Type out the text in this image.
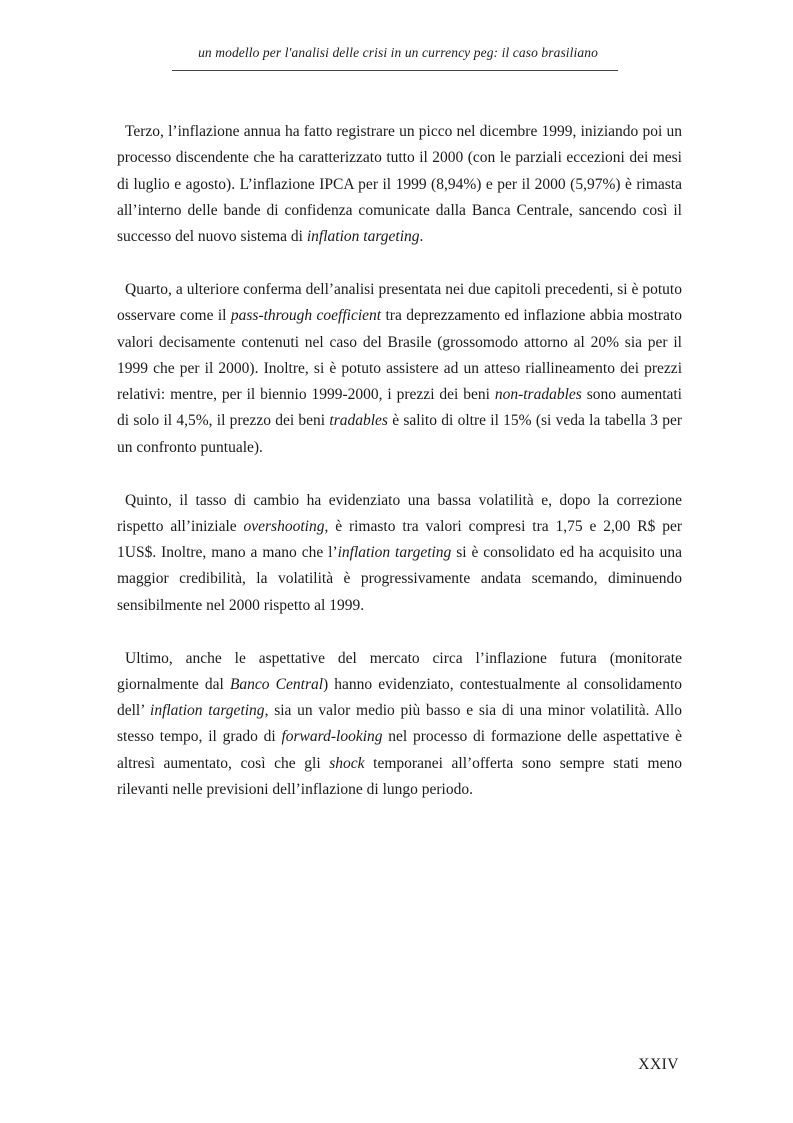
un modello per l'analisi delle crisi in un currency peg: il caso brasiliano

Terzo, l’inflazione annua ha fatto registrare un picco nel dicembre 1999, iniziando poi un processo discendente che ha caratterizzato tutto il 2000 (con le parziali eccezioni dei mesi di luglio e agosto). L’inflazione IPCA per il 1999 (8,94%) e per il 2000 (5,97%) è rimasta all’interno delle bande di confidenza comunicate dalla Banca Centrale, sancendo così il successo del nuovo sistema di inflation targeting.

Quarto, a ulteriore conferma dell’analisi presentata nei due capitoli precedenti, si è potuto osservare come il pass-through coefficient tra deprezzamento ed inflazione abbia mostrato valori decisamente contenuti nel caso del Brasile (grossomodo attorno al 20% sia per il 1999 che per il 2000). Inoltre, si è potuto assistere ad un atteso riallineamento dei prezzi relativi: mentre, per il biennio 1999-2000, i prezzi dei beni non-tradables sono aumentati di solo il 4,5%, il prezzo dei beni tradables è salito di oltre il 15% (si veda la tabella 3 per un confronto puntuale).

Quinto, il tasso di cambio ha evidenziato una bassa volatilità e, dopo la correzione rispetto all’iniziale overshooting, è rimasto tra valori compresi tra 1,75 e 2,00 R$ per 1US$. Inoltre, mano a mano che l’inflation targeting si è consolidato ed ha acquisito una maggior credibilità, la volatilità è progressivamente andata scemando, diminuendo sensibilmente nel 2000 rispetto al 1999.

Ultimo, anche le aspettative del mercato circa l’inflazione futura (monitorate giornalmente dal Banco Central) hanno evidenziato, contestualmente al consolidamento dell’ inflation targeting, sia un valor medio più basso e sia di una minor volatilità. Allo stesso tempo, il grado di forward-looking nel processo di formazione delle aspettative è altresì aumentato, così che gli shock temporanei all’offerta sono sempre stati meno rilevanti nelle previsioni dell’inflazione di lungo periodo.

XXIV
